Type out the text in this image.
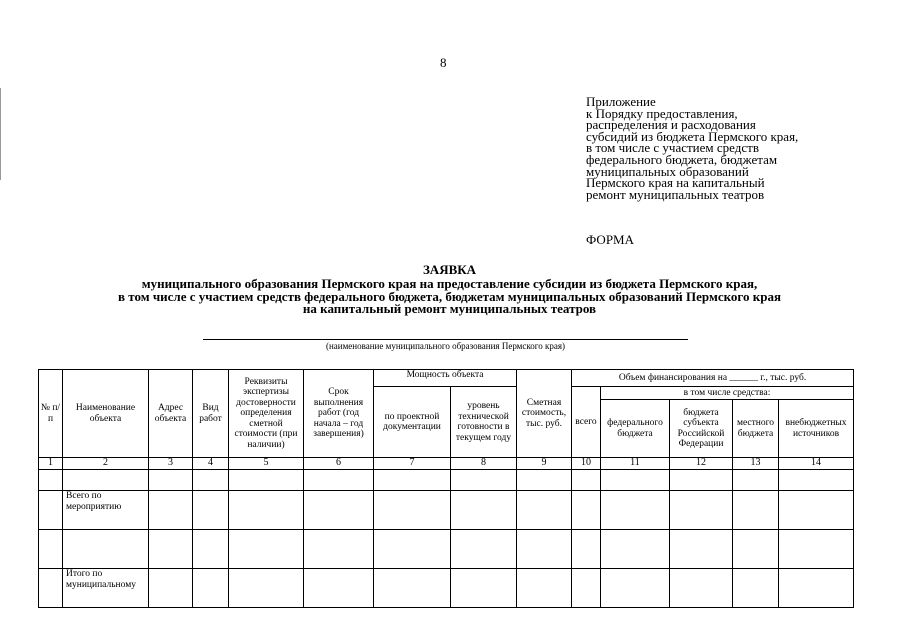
8
Приложение
к Порядку предоставления,
распределения и расходования
субсидий из бюджета Пермского края,
в том числе с участием средств
федерального бюджета, бюджетам
муниципальных образований
Пермского края на капитальный
ремонт муниципальных театров
ФОРМА
ЗАЯВКА
муниципального образования Пермского края на предоставление субсидии из бюджета Пермского края,
в том числе с участием средств федерального бюджета, бюджетам муниципальных образований Пермского края
на капитальный ремонт муниципальных театров
(наименование муниципального образования Пермского края)
№ п/п	Наименование объекта	Адрес объекта	Вид работ	Реквизиты экспертизы достоверности определения сметной стоимости (при наличии)	Срок выполнения работ (год начала – год завершения)	Мощность объекта		Сметная стоимость, тыс. руб.	Объем финансирования на ______ г., тыс. руб.				
						по проектной документации	уровень технической готовности в текущем году		всего	в том числе средства:			
										федерального бюджета	бюджета субъекта Российской Федерации	местного бюджета	внебюджетных источников
1	2	3	4	5	6	7	8	9	10	11	12	13	14

	Всего по мероприятию												

	Итого по муниципальному												
